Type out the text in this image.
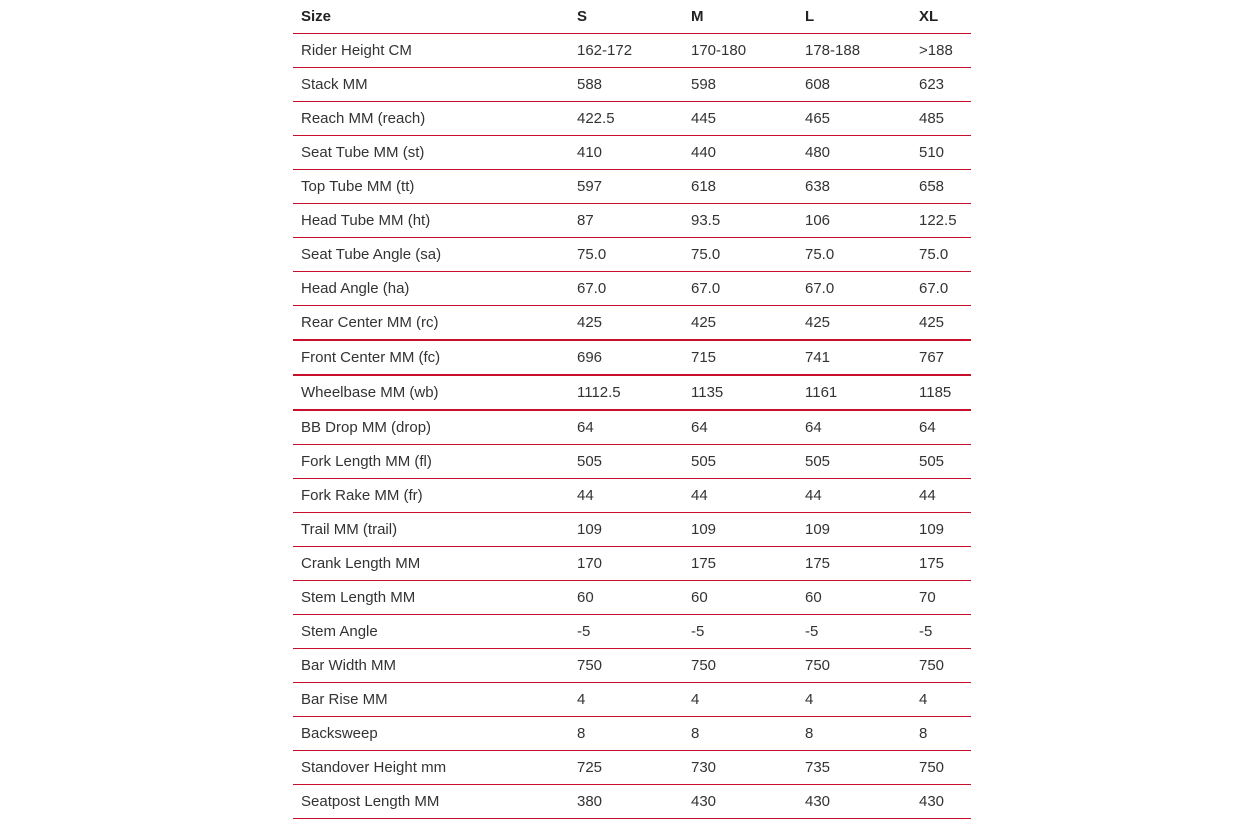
Size	S	M	L	XL
Rider Height CM	162-172	170-180	178-188	>188
Stack MM	588	598	608	623
Reach MM (reach)	422.5	445	465	485
Seat Tube MM (st)	410	440	480	510
Top Tube MM (tt)	597	618	638	658
Head Tube MM (ht)	87	93.5	106	122.5
Seat Tube Angle (sa)	75.0	75.0	75.0	75.0
Head Angle (ha)	67.0	67.0	67.0	67.0
Rear Center MM (rc)	425	425	425	425
Front Center MM (fc)	696	715	741	767
Wheelbase MM (wb)	1112.5	1135	1161	1185
BB Drop MM (drop)	64	64	64	64
Fork Length MM (fl)	505	505	505	505
Fork Rake MM (fr)	44	44	44	44
Trail MM (trail)	109	109	109	109
Crank Length MM	170	175	175	175
Stem Length MM	60	60	60	70
Stem Angle	-5	-5	-5	-5
Bar Width MM	750	750	750	750
Bar Rise MM	4	4	4	4
Backsweep	8	8	8	8
Standover Height mm	725	730	735	750
Seatpost Length MM	380	430	430	430
